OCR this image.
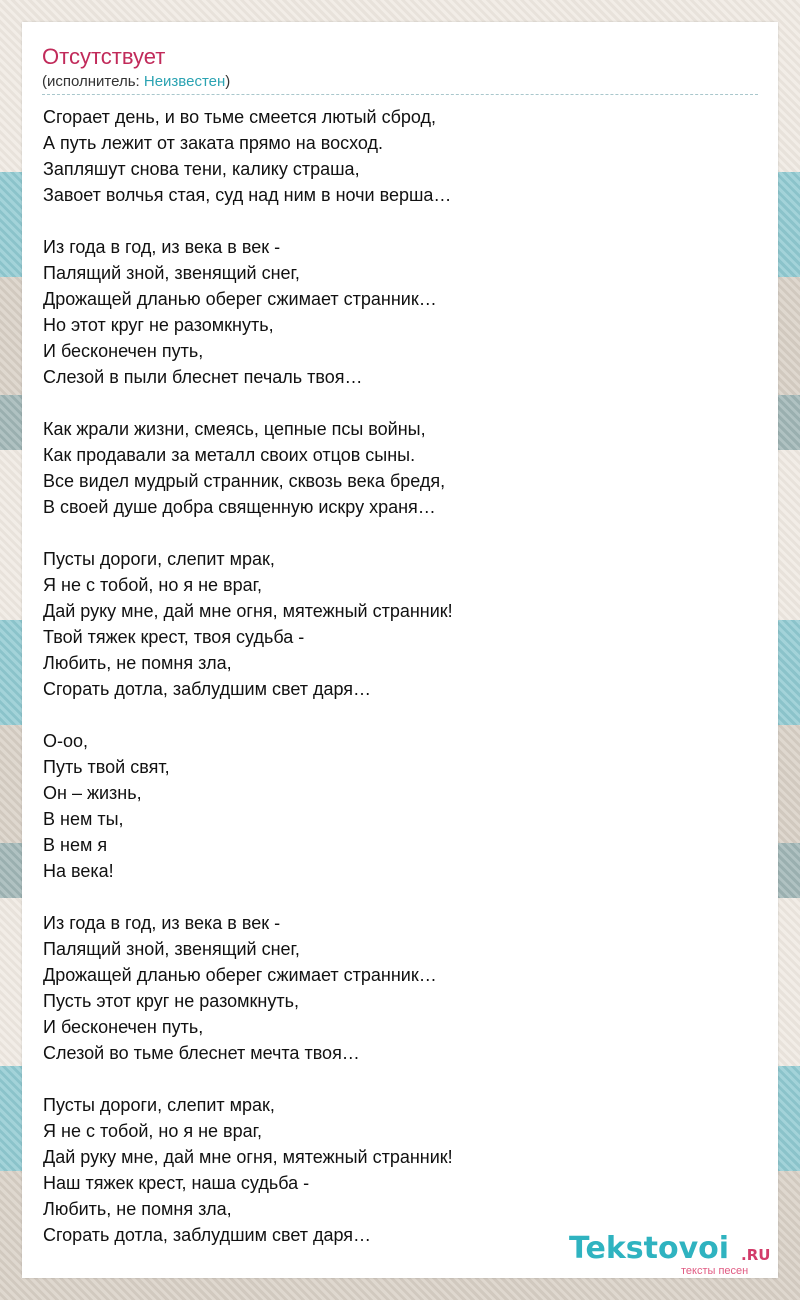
Отсутствует
(исполнитель: Неизвестен)
Сгорает день, и во тьме смеется лютый сброд,
А путь лежит от заката прямо на восход.
Запляшут снова тени, калику страша,
Завоет волчья стая, суд над ним в ночи верша…
Из года в год, из века в век -
Палящий зной, звенящий снег,
Дрожащей дланью оберег сжимает странник…
Но этот круг не разомкнуть,
И бесконечен путь,
Слезой в пыли блеснет печаль твоя…
Как жрали жизни, смеясь, цепные псы войны,
Как продавали за металл своих отцов сыны.
Все видел мудрый странник, сквозь века бредя,
В своей душе добра священную искру храня…
Пусты дороги, слепит мрак,
Я не с тобой, но я не враг,
Дай руку мне, дай мне огня, мятежный странник!
Твой тяжек крест, твоя судьба -
Любить, не помня зла,
Сгорать дотла, заблудшим свет даря…
О-оо,
Путь твой свят,
Он – жизнь,
В нем ты,
В нем я
На века!
Из года в год, из века в век -
Палящий зной, звенящий снег,
Дрожащей дланью оберег сжимает странник…
Пусть этот круг не разомкнуть,
И бесконечен путь,
Слезой во тьме блеснет мечта твоя…
Пусты дороги, слепит мрак,
Я не с тобой, но я не враг,
Дай руку мне, дай мне огня, мятежный странник!
Наш тяжек крест, наша судьба -
Любить, не помня зла,
Сгорать дотла, заблудшим свет даря…	Tekstovoi .RU
тексты песен
